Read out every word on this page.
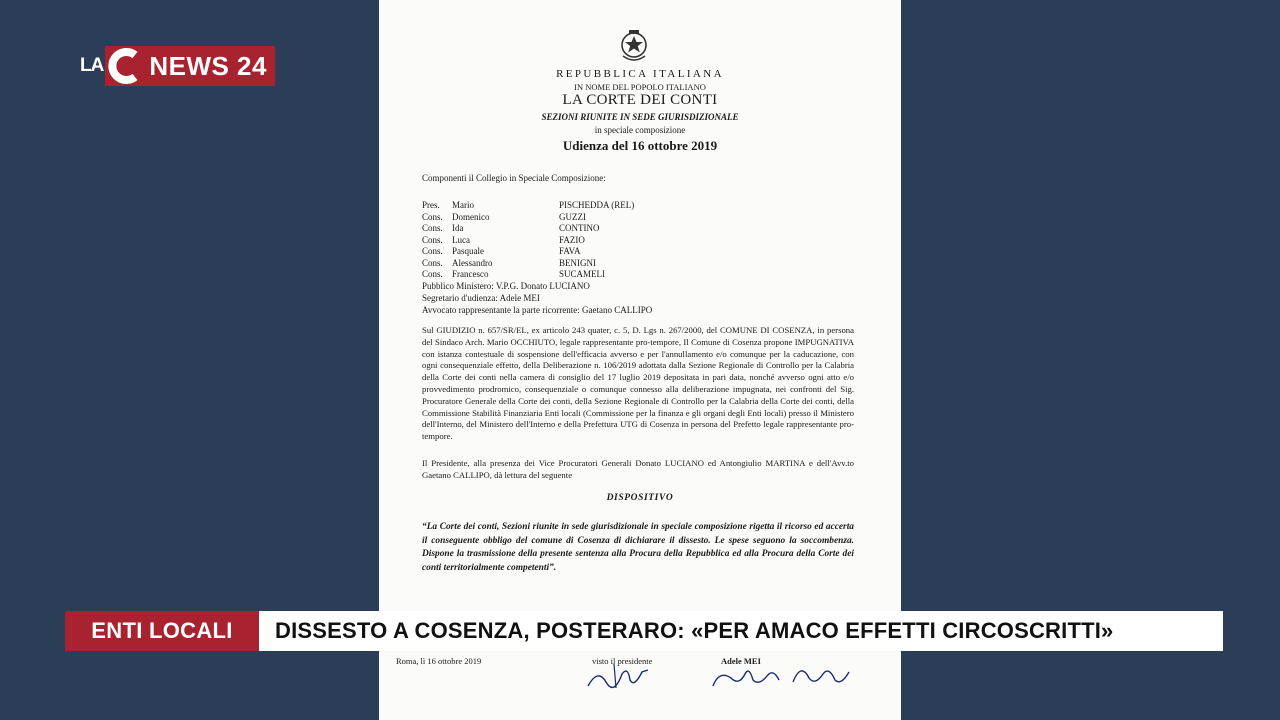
LA NEWS 24	REPUBBLICA ITALIANA
IN NOME DEL POPOLO ITALIANO
LA CORTE DEI CONTI
SEZIONI RIUNITE IN SEDE GIURISDIZIONALE
in speciale composizione
Udienza del 16 ottobre 2019
Componenti il Collegio in Speciale Composizione:
Pres. Mario	PISCHEDDA (REL)
Cons. Domenico	GUZZI
Cons. Ida	CONTINO
Cons. Luca	FAZIO
Cons. Pasquale	FAVA
Cons. Alessandro	BENIGNI
Cons. Francesco	SUCAMELI
Pubblico Ministero: V.P.G. Donato LUCIANO
Segretario d'udienza: Adele MEI
Avvocato rappresentante la parte ricorrente: Gaetano CALLIPO
Sul GIUDIZIO n. 657/SR/EL, ex articolo 243 quater, c. 5, D. Lgs n. 267/2000, del COMUNE DI COSENZA, in persona del Sindaco Arch. Mario OCCHIUTO, legale rappresentante pro-tempore, Il Comune di Cosenza propone IMPUGNATIVA con istanza contestuale di sospensione dell'efficacia avverso e per l'annullamento e/o comunque per la caducazione, con ogni consequenziale effetto, della Deliberazione n. 106/2019 adottata dalla Sezione Regionale di Controllo per la Calabria della Corte dei conti nella camera di consiglio del 17 luglio 2019 depositata in pari data, nonché avverso ogni atto e/o provvedimento prodromico, consequenziale o comunque connesso alla deliberazione impugnata, nei confronti del Sig. Procuratore Generale della Corte dei conti, della Sezione Regionale di Controllo per la Calabria della Corte dei conti, della Commissione Stabilità Finanziaria Enti locali (Commissione per la finanza e gli organi degli Enti locali) presso il Ministero dell'Interno, del Ministero dell'Interno e della Prefettura UTG di Cosenza in persona del Prefetto legale rappresentante pro-tempore.
Il Presidente, alla presenza dei Vice Procuratori Generali Donato LUCIANO ed Antongiulio MARTINA e dell'Avv.to Gaetano CALLIPO, dà lettura del seguente
DISPOSITIVO
“La Corte dei conti, Sezioni riunite in sede giurisdizionale in speciale composizione rigetta il ricorso ed accerta il conseguente obbligo del comune di Cosenza di dichiarare il dissesto. Le spese seguono la soccombenza. Dispone la trasmissione della presente sentenza alla Procura della Repubblica ed alla Procura della Corte dei conti territorialmente competenti”.
Roma, lì 16 ottobre 2019	visto il presidente	Adele MEI
ENTI LOCALI	DISSESTO A COSENZA, POSTERARO: «PER AMACO EFFETTI CIRCOSCRITTI»
